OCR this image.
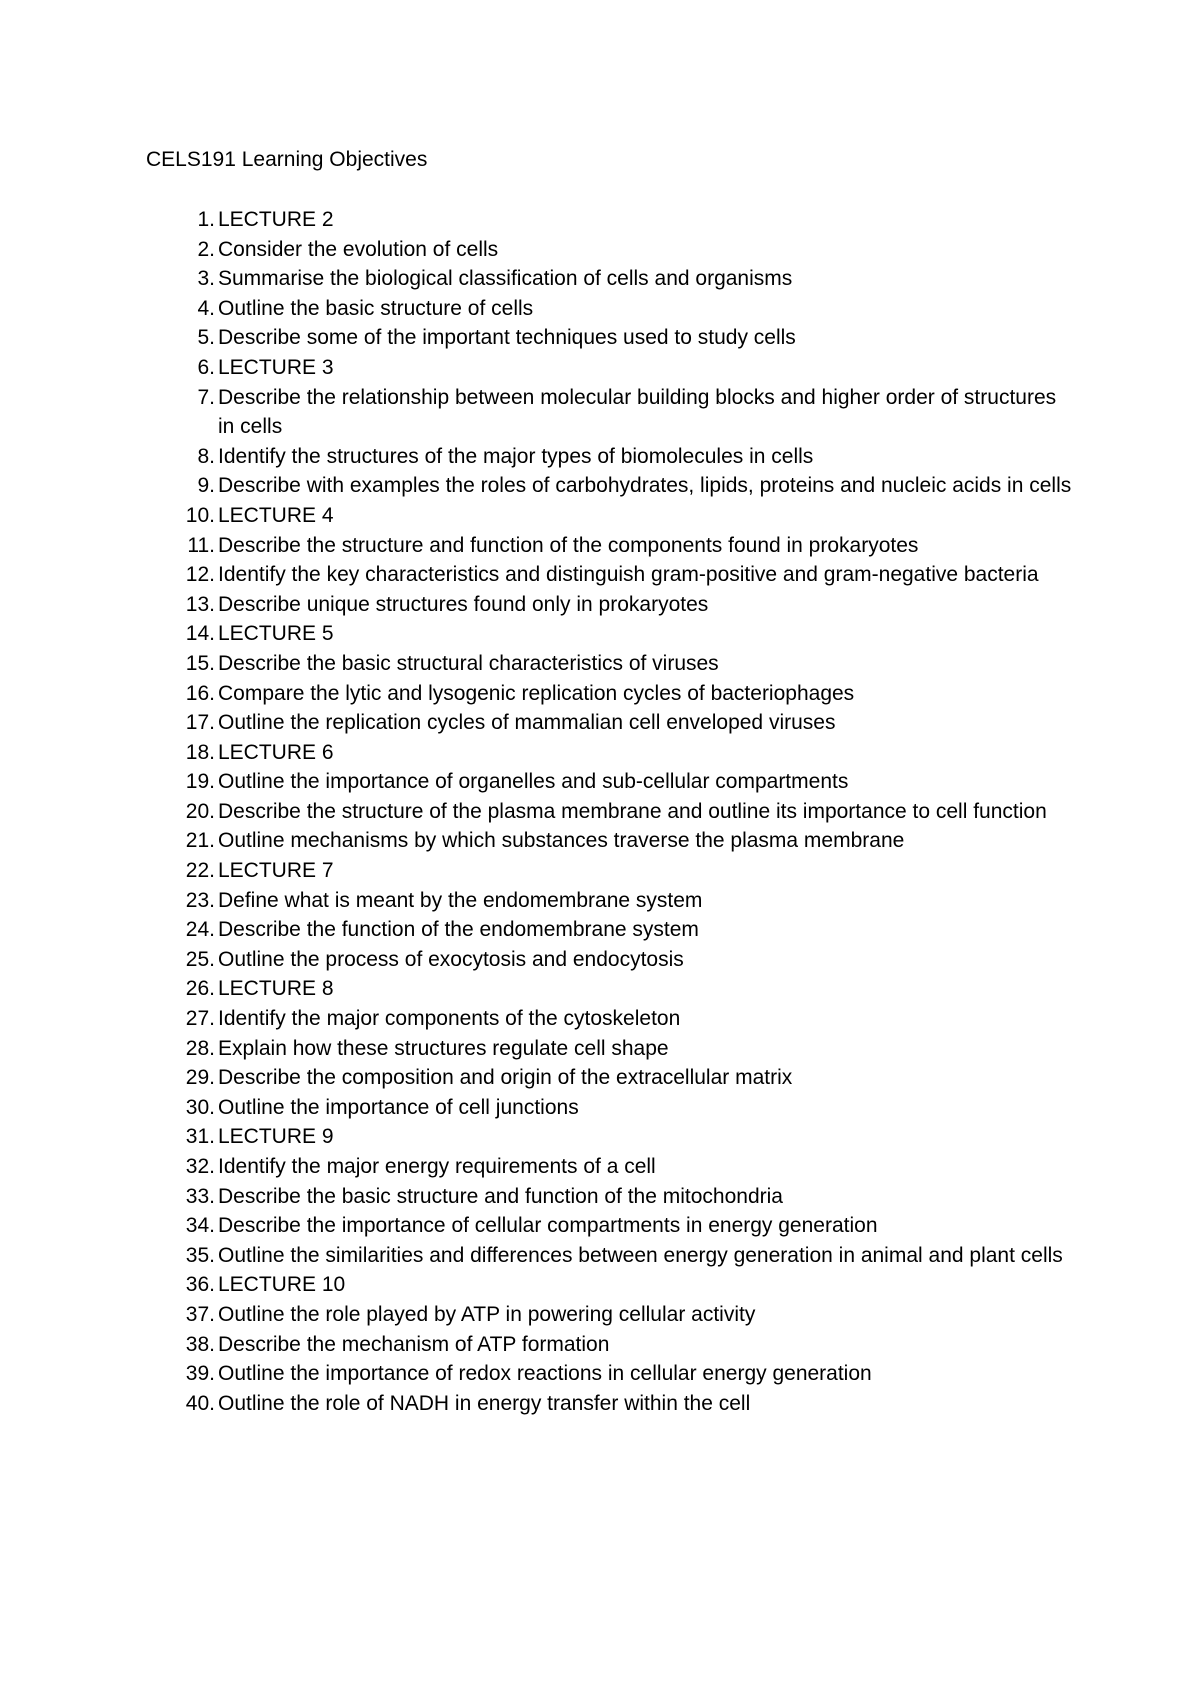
CELS191 Learning Objectives
1. LECTURE 2
2. Consider the evolution of cells
3. Summarise the biological classification of cells and organisms
4. Outline the basic structure of cells
5. Describe some of the important techniques used to study cells
6. LECTURE 3
7. Describe the relationship between molecular building blocks and higher order of structures in cells
8. Identify the structures of the major types of biomolecules in cells
9. Describe with examples the roles of carbohydrates, lipids, proteins and nucleic acids in cells
10. LECTURE 4
11. Describe the structure and function of the components found in prokaryotes
12. Identify the key characteristics and distinguish gram-positive and gram-negative bacteria
13. Describe unique structures found only in prokaryotes
14. LECTURE 5
15. Describe the basic structural characteristics of viruses
16. Compare the lytic and lysogenic replication cycles of bacteriophages
17. Outline the replication cycles of mammalian cell enveloped viruses
18. LECTURE 6
19. Outline the importance of organelles and sub-cellular compartments
20. Describe the structure of the plasma membrane and outline its importance to cell function
21. Outline mechanisms by which substances traverse the plasma membrane
22. LECTURE 7
23. Define what is meant by the endomembrane system
24. Describe the function of the endomembrane system
25. Outline the process of exocytosis and endocytosis
26. LECTURE 8
27. Identify the major components of the cytoskeleton
28. Explain how these structures regulate cell shape
29. Describe the composition and origin of the extracellular matrix
30. Outline the importance of cell junctions
31. LECTURE 9
32. Identify the major energy requirements of a cell
33. Describe the basic structure and function of the mitochondria
34. Describe the importance of cellular compartments in energy generation
35. Outline the similarities and differences between energy generation in animal and plant cells
36. LECTURE 10
37. Outline the role played by ATP in powering cellular activity
38. Describe the mechanism of ATP formation
39. Outline the importance of redox reactions in cellular energy generation
40. Outline the role of NADH in energy transfer within the cell
